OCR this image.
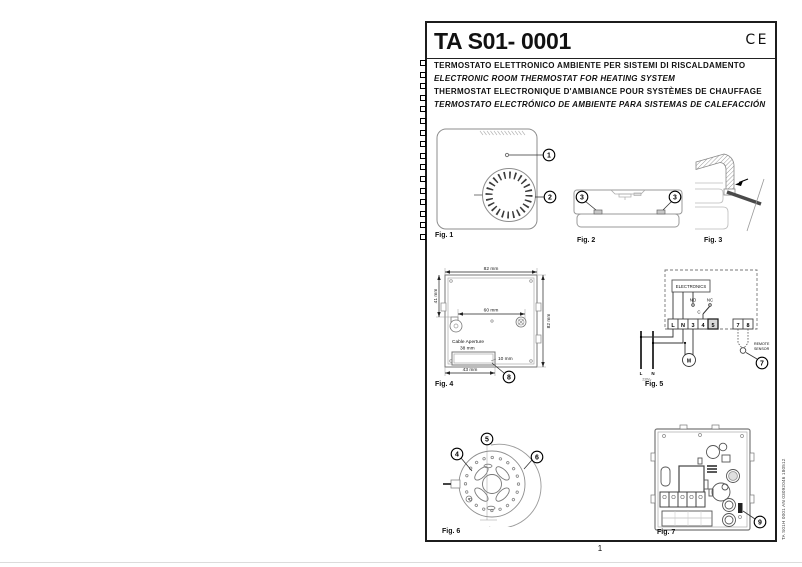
TA S01- 0001	CE
TERMOSTATO ELETTRONICO AMBIENTE PER SISTEMI DI RISCALDAMENTO
ELECTRONIC ROOM THERMOSTAT FOR HEATING SYSTEM
THERMOSTAT ELECTRONIQUE D'AMBIANCE POUR SYSTÈMES DE CHAUFFAGE
TERMOSTATO ELECTRÓNICO DE AMBIENTE PARA SISTEMAS DE CALEFACCIÓN
1
2
Fig. 1
3	3
Fig. 2	Fig. 3
82 mm
41 mm
60 mm
82 mm
43 mm
Cable Aperture
38 mm
10 mm
8
Fig. 4
ELECTRONICS
NO NC
C
L N 3 4 5	7 8
L N
230V~
M
REMOTE
SENSOR
7
Fig. 5
4
5
6
Fig. 6
9
Fig. 7
1
TA S01H 0001 AN 03092046 180512
